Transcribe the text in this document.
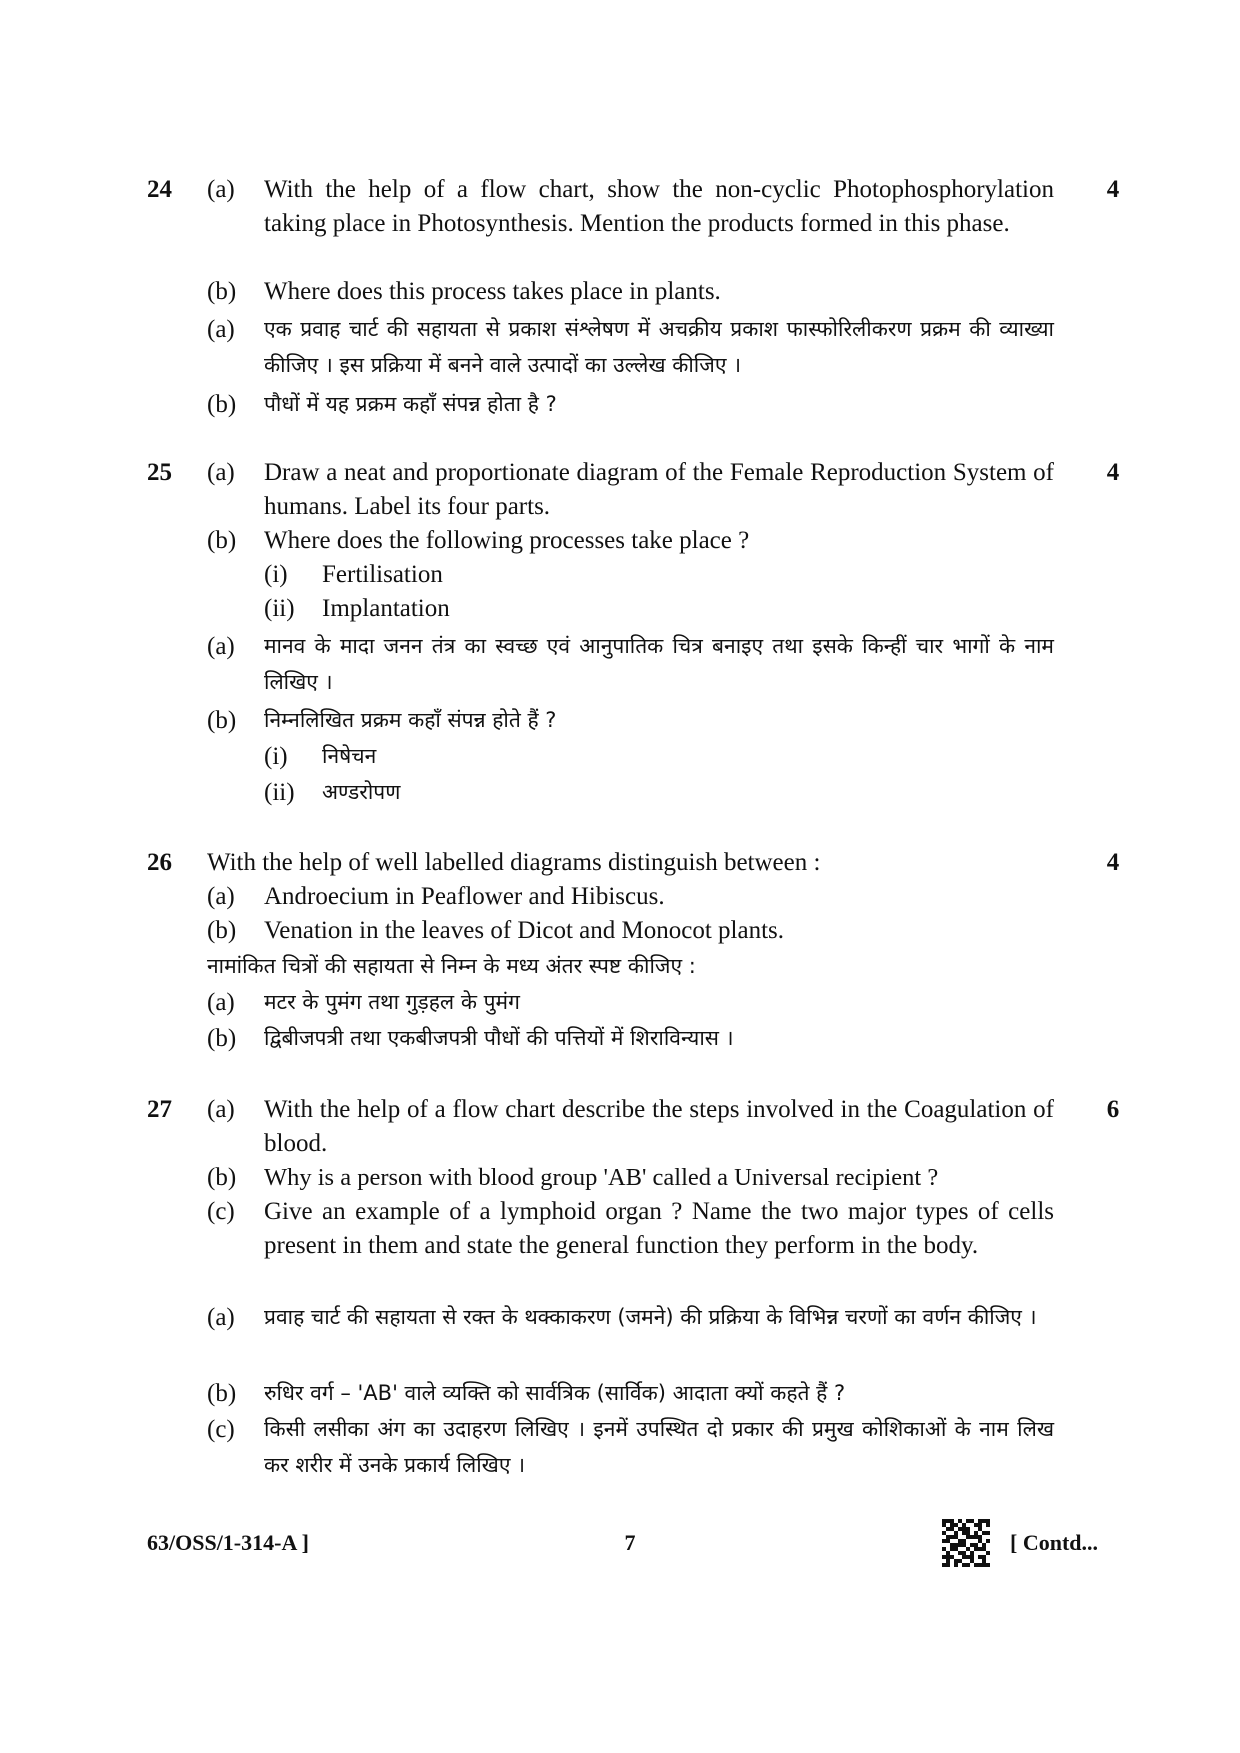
24	4
(a) With the help of a flow chart, show the non-cyclic Photophosphorylation taking place in Photosynthesis. Mention the products formed in this phase.
(b) Where does this process takes place in plants.
(a) एक प्रवाह चार्ट की सहायता से प्रकाश संश्लेषण में अचक्रीय प्रकाश फास्फोरिलीकरण प्रक्रम की व्याख्या कीजिए । इस प्रक्रिया में बनने वाले उत्पादों का उल्लेख कीजिए ।
(b) पौधों में यह प्रक्रम कहाँ संपन्न होता है ?
25	4
(a) Draw a neat and proportionate diagram of the Female Reproduction System of humans. Label its four parts.
(b) Where does the following processes take place ?
(i) Fertilisation
(ii) Implantation
(a) मानव के मादा जनन तंत्र का स्वच्छ एवं आनुपातिक चित्र बनाइए तथा इसके किन्हीं चार भागों के नाम लिखिए ।
(b) निम्नलिखित प्रक्रम कहाँ संपन्न होते हैं ?
(i) निषेचन
(ii) अण्डरोपण
26	4
With the help of well labelled diagrams distinguish between :
(a) Androecium in Peaflower and Hibiscus.
(b) Venation in the leaves of Dicot and Monocot plants.
नामांकित चित्रों की सहायता से निम्न के मध्य अंतर स्पष्ट कीजिए :
(a) मटर के पुमंग तथा गुड़हल के पुमंग
(b) द्विबीजपत्री तथा एकबीजपत्री पौधों की पत्तियों में शिराविन्यास ।
27	6
(a) With the help of a flow chart describe the steps involved in the Coagulation of blood.
(b) Why is a person with blood group 'AB' called a Universal recipient ?
(c) Give an example of a lymphoid organ ? Name the two major types of cells present in them and state the general function they perform in the body.
(a) प्रवाह चार्ट की सहायता से रक्त के थक्काकरण (जमने) की प्रक्रिया के विभिन्न चरणों का वर्णन कीजिए ।
(b) रुधिर वर्ग – 'AB' वाले व्यक्ति को सार्वत्रिक (सार्विक) आदाता क्यों कहते हैं ?
(c) किसी लसीका अंग का उदाहरण लिखिए । इनमें उपस्थित दो प्रकार की प्रमुख कोशिकाओं के नाम लिख कर शरीर में उनके प्रकार्य लिखिए ।
63/OSS/1-314-A ]	7	[ Contd...
